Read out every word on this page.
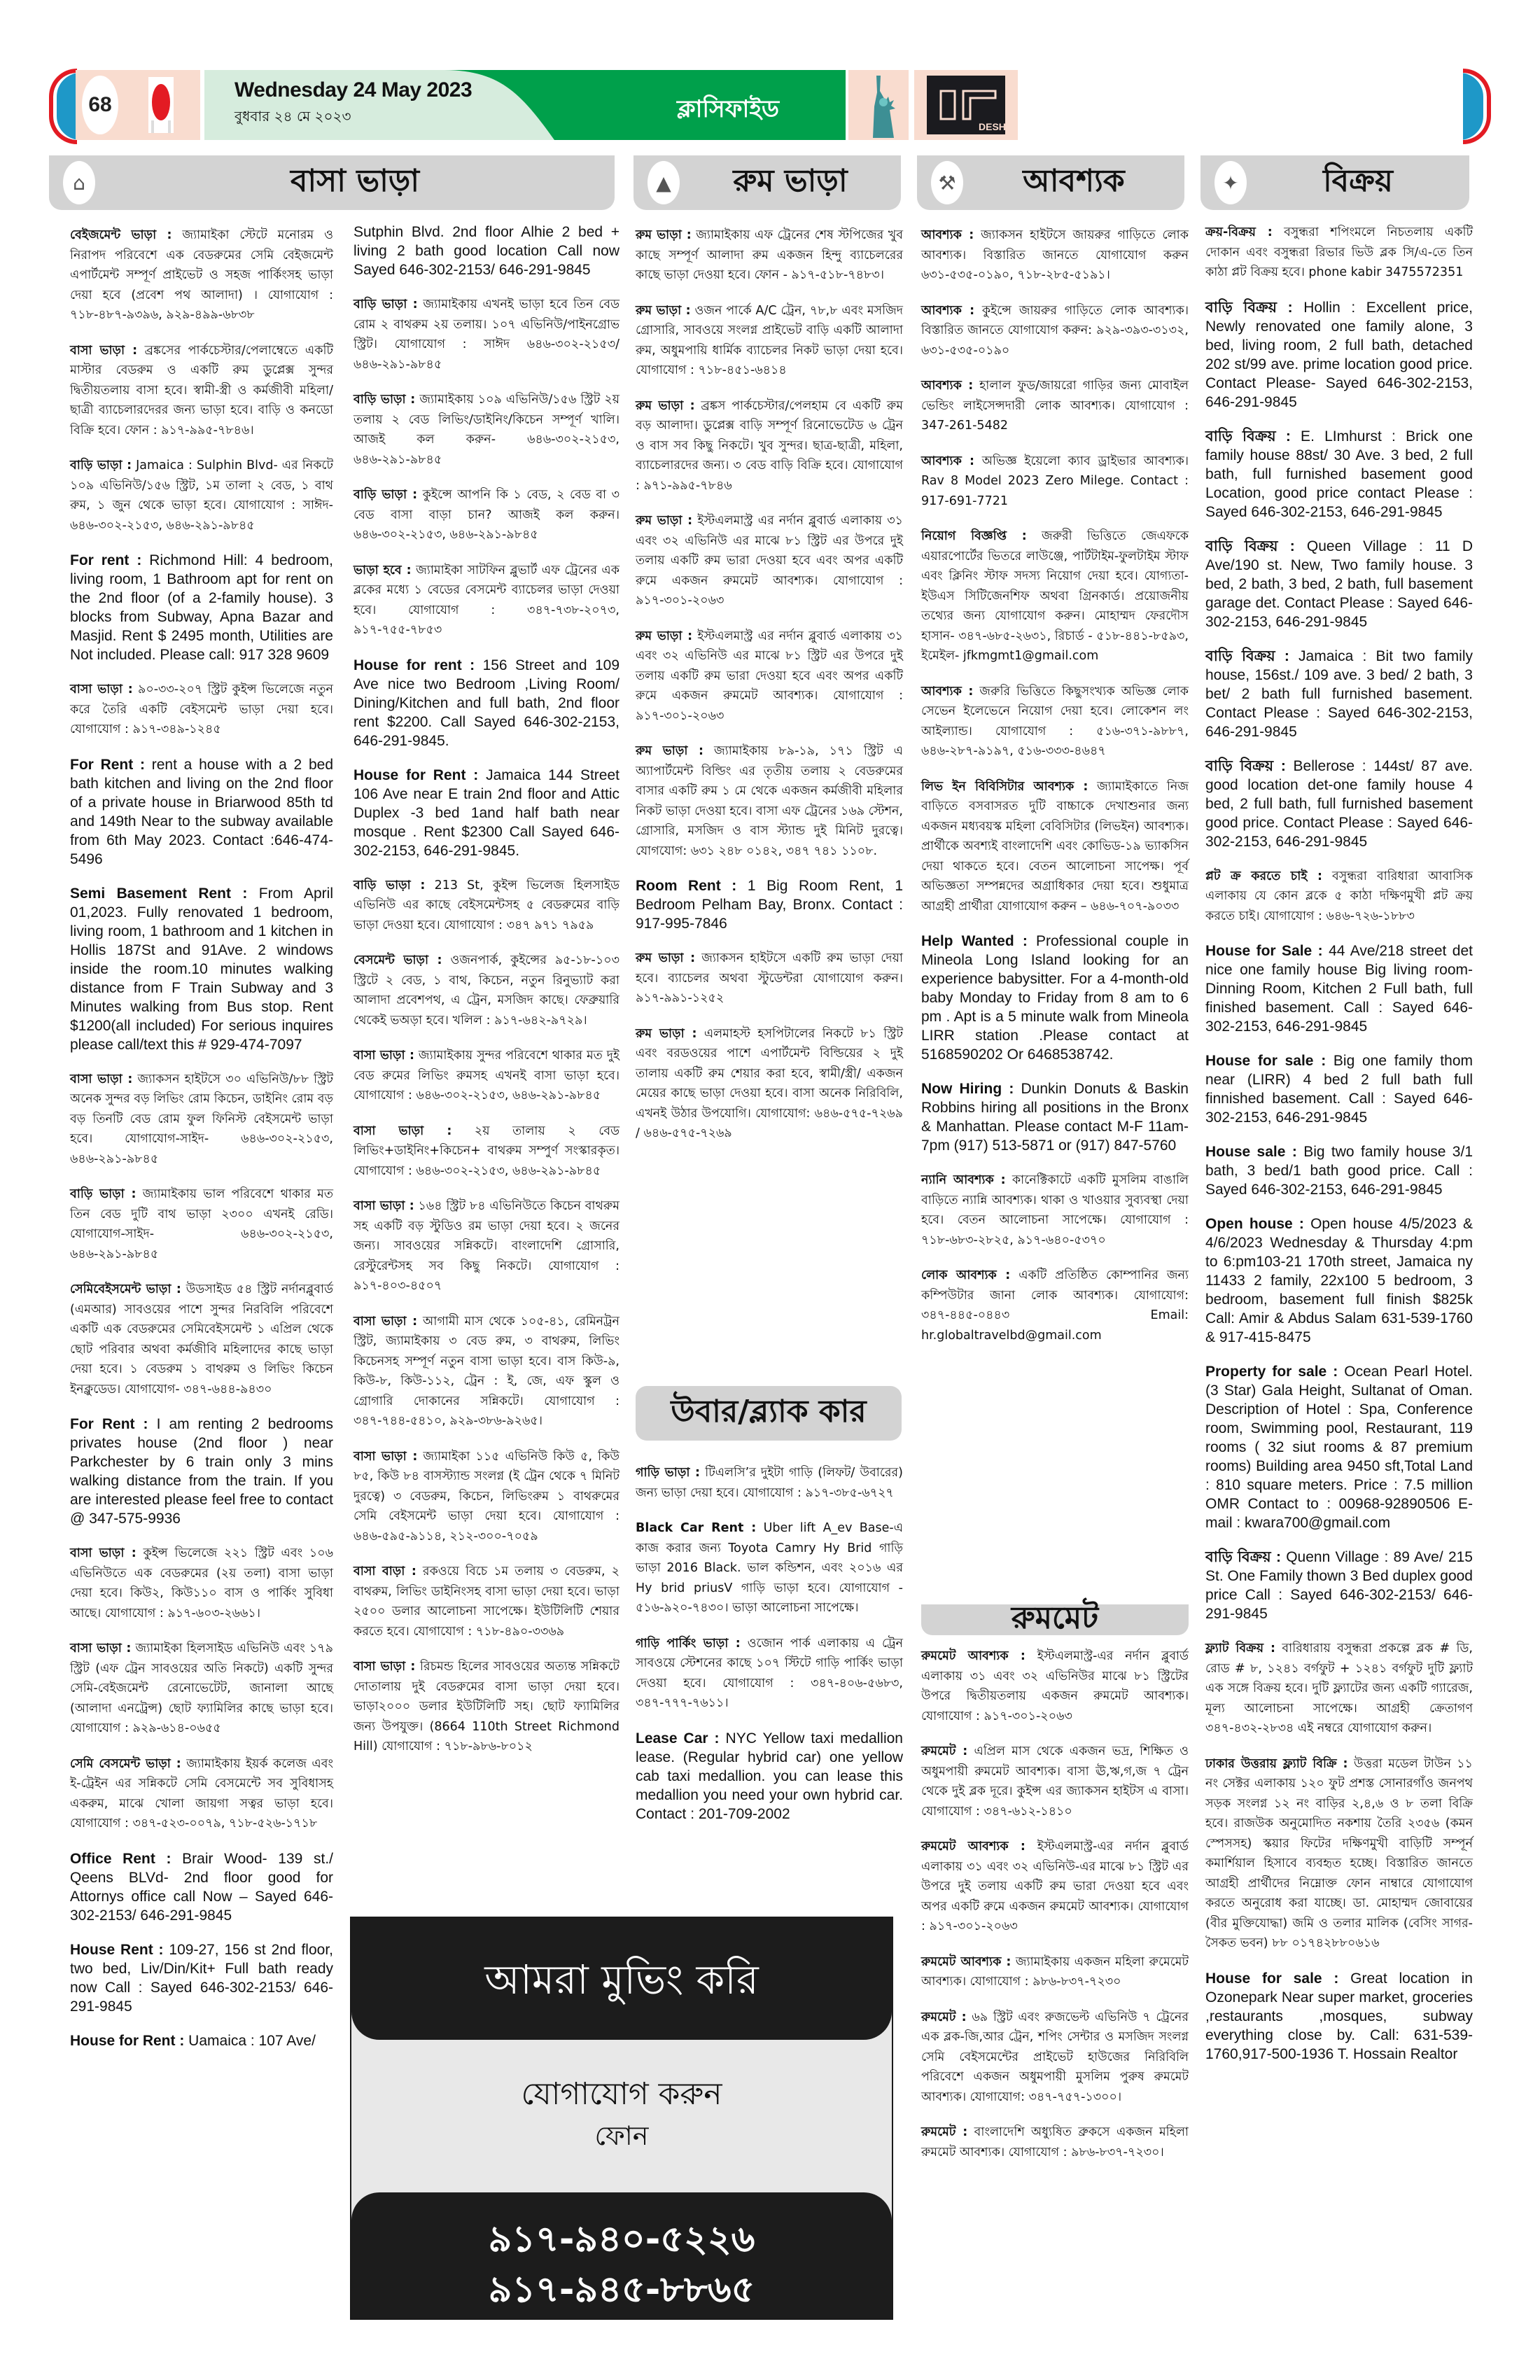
68
Wednesday 24 May 2023
বুধবার ২৪ মে ২০২৩	ক্লাসিফাইড
DESH
⌂	বাসা ভাড়া	▲	রুম ভাড়া	⚒	আবশ্যক	✦	বিক্রয়

বেইজমেন্ট ভাড়া : জ্যামাইকা স্টেটে মনোরম ও নিরাপদ পরিবেশে এক বেডরুমের সেমি বেইজমেন্ট এপার্টমেন্ট সম্পূর্ণ প্রাইভেট ও সহজ পার্কিংসহ ভাড়া দেয়া হবে (প্রবেশ পথ আলাদা) । যোগাযোগ : ৭১৮-৪৮৭-৯৩৯৬, ৯২৯-৪৯৯-৬৮৩৮

বাসা ভাড়া : ব্রঙ্কসের পার্কচেস্টার/পেলাম্বেতে একটি মাস্টার বেডরুম ও একটি রুম ডুপ্লেক্স সুন্দর দ্বিতীয়তলায় বাসা হবে। স্বামী-স্ত্রী ও কর্মজীবী মহিলা/ছাত্রী ব্যাচেলারদেরর জন্য ভাড়া হবে। বাড়ি ও কনডো বিক্রি হবে। ফোন : ৯১৭-৯৯৫-৭৮৪৬।

বাড়ি ভাড়া : Jamaica : Sulphin Blvd- এর নিকটে ১০৯ এভিনিউ/১৫৬ স্ট্রিট, ১ম তালা ২ বেড, ১ বাথ রুম, ১ জুন থেকে ভাড়া হবে। যোগাযোগ : সাঈদ- ৬৪৬-৩০২-২১৫৩, ৬৪৬-২৯১-৯৮৪৫

For rent : Richmond Hill: 4 bedroom, living room, 1 Bathroom apt for rent on the 2nd floor (of a 2-family house). 3 blocks from Subway, Apna Bazar and Masjid. Rent $ 2495 month, Utilities are Not included. Please call: 917 328 9609

বাসা ভাড়া : ৯০-৩৩-২০৭ স্ট্রিট কুইন্স ভিলেজে নতুন করে তৈরি একটি বেইসমেন্ট ভাড়া দেয়া হবে। যোগাযোগ : ৯১৭-৩৪৯-১২৪৫

For Rent : rent a house with a 2 bed bath kitchen and living on the 2nd floor of a private house in Briarwood 85th td and 149th Near to the subway available from 6th May 2023. Contact :646-474-5496

Semi Basement Rent : From April 01,2023. Fully renovated 1 bedroom, living room, 1 bathroom and 1 kitchen in Hollis 187St and 91Ave. 2 windows inside the room.10 minutes walking distance from F Train Subway and 3 Minutes walking from Bus stop. Rent $1200(all included) For serious inquires please call/text this # 929-474-7097

বাসা ভাড়া : জ্যাকসন হাইটসে ৩০ এভিনিউ/৮৮ স্ট্রিট অনেক সুন্দর বড় লিভিং রোম কিচেন, ডাইনিং রোম বড় বড় তিনটি বেড রোম ফুল ফিনিস্ট বেইসমেন্ট ভাড়া হবে। যোগাযোগ-সাইদ- ৬৪৬-৩০২-২১৫৩, ৬৪৬-২৯১-৯৮৪৫

বাড়ি ভাড়া : জ্যামাইকায় ভাল পরিবেশে থাকার মত তিন বেড দুটি বাথ ভাড়া ২৩০০ এখনই রেডি। যোগাযোগ-সাইদ- ৬৪৬-৩০২-২১৫৩, ৬৪৬-২৯১-৯৮৪৫

সেমিবেইসমেন্ট ভাড়া : উডসাইড ৫৪ স্ট্রিট নর্দানব্লুবার্ড (এমআর) সাবওয়ের পাশে সুন্দর নিরবিলি পরিবেশে একটি এক বেডরুমের সেমিবেইসমেন্ট ১ এপ্রিল থেকে ছোট পরিবার অথবা কর্মজীবি মহিলাদের কাছে ভাড়া দেয়া হবে। ১ বেডরুম ১ বাথরুম ও লিভিং কিচেন ইনক্লুডেড। যোগাযোগ- ৩৪৭-৬৪৪-৯৪৩০

For Rent : I am renting 2 bedrooms privates house (2nd floor ) near Parkchester by 6 train only 3 mins walking distance from the train. If you are interested please feel free to contact @ 347-575-9936

বাসা ভাড়া : কুইন্স ভিলেজে ২২১ স্ট্রিট এবং ১০৬ এভিনিউতে এক বেডরুমের (২য় তলা) বাসা ভাড়া দেয়া হবে। কিউ২, কিউ১১০ বাস ও পার্কিং সুবিধা আছে। যোগাযোগ : ৯১৭-৬০৩-২৬৬১।

বাসা ভাড়া : জ্যামাইকা হিলসাইড এভিনিউ এবং ১৭৯ স্ট্রিট (এফ ট্রেন সাবওয়ের অতি নিকটে) একটি সুন্দর সেমি-বেইজমেন্ট রেনোভেটেট, জানালা আছে (আলাদা এনট্রেন্স) ছোট ফ্যামিলির কাছে ভাড়া হবে। যোগাযোগ : ৯২৯-৬১৪-০৬৫৫

সেমি বেসমেন্ট ভাড়া : জ্যামাইকায় ইয়র্ক কলেজ এবং ই-ট্রেইন এর সন্নিকটে সেমি বেসমেন্টে সব সুবিধাসহ একরুম, মাঝে খোলা জায়গা সত্বর ভাড়া হবে। যোগাযোগ : ৩৪৭-৫২৩-০০৭৯, ৭১৮-৫২৬-১৭১৮

Office Rent : Brair Wood- 139 st./ Qeens BLVd- 2nd floor good for Attornys office call Now – Sayed 646-302-2153/ 646-291-9845

House Rent : 109-27, 156 st 2nd floor, two bed, Liv/Din/Kit+ Full bath ready now Call : Sayed 646-302-2153/ 646-291-9845

House for Rent : Uamaica : 107 Ave/

Sutphin Blvd. 2nd floor Alhie 2 bed + living 2 bath good location Call now Sayed 646-302-2153/ 646-291-9845

বাড়ি ভাড়া : জ্যামাইকায় এখনই ভাড়া হবে তিন বেড রোম ২ বাথরুম ২য় তলায়। ১০৭ এভিনিউ/পাইনগ্রোভ স্ট্রিট। যোগাযোগ : সাঈদ ৬৪৬-৩০২-২১৫৩/ ৬৪৬-২৯১-৯৮৪৫

বাড়ি ভাড়া : জ্যামাইকায় ১০৯ এভিনিউ/১৫৬ স্ট্রিট ২য় তলায় ২ বেড লিভিং/ডাইনিং/কিচেন সম্পূর্ণ খালি। আজই কল করুন- ৬৪৬-৩০২-২১৫৩, ৬৪৬-২৯১-৯৮৪৫

বাড়ি ভাড়া : কুইন্সে আপনি কি ১ বেড, ২ বেড বা ৩ বেড বাসা বাড়া চান? আজই কল করুন। ৬৪৬-৩০২-২১৫৩, ৬৪৬-২৯১-৯৮৪৫

ভাড়া হবে : জ্যামাইকা সাটফিন ব্লুভার্ট এফ ট্রেনের এক ব্লকের মধ্যে ১ বেডের বেসমেন্ট ব্যাচেলর ভাড়া দেওয়া হবে। যোগাযোগ : ৩৪৭-৭৩৮-২০৭৩, ৯১৭-৭৫৫-৭৮৫৩

House for rent : 156 Street and 109 Ave nice two Bedroom ,Living Room/ Dining/Kitchen and full bath, 2nd floor rent $2200. Call Sayed 646-302-2153, 646-291-9845.

House for Rent : Jamaica 144 Street 106 Ave near E train 2nd floor and Attic Duplex -3 bed 1and half bath near mosque . Rent $2300 Call Sayed 646-302-2153, 646-291-9845.

বাড়ি ভাড়া : 213 St, কুইন্স ভিলেজ হিলসাইড এভিনিউ এর কাছে বেইসমেন্টসহ ৫ বেডরুমের বাড়ি ভাড়া দেওয়া হবে। যোগাযোগ : ৩৪৭ ৯৭১ ৭৯৫৯

বেসমেন্ট ভাড়া : ওজনপার্ক, কুইন্সের ৯৫-১৮-১০৩ স্ট্রিটে ২ বেড, ১ বাথ, কিচেন, নতুন রিনুভ্যাট করা আলাদা প্রবেশপথ, এ ট্রেন, মসজিদ কাছে। ফেব্রুয়ারি থেকেই ভঅড়া হবে। খলিল : ৯১৭-৬৪২-৯৭২৯।

বাসা ভাড়া : জ্যামাইকায় সুন্দর পরিবেশে থাকার মত দুই বেড রুমের লিভিং রুমসহ এখনই বাসা ভাড়া হবে। যোগাযোগ : ৬৪৬-৩০২-২১৫৩, ৬৪৬-২৯১-৯৮৪৫

বাসা ভাড়া : ২য় তালায় ২ বেড লিভিং+ডাইনিং+কিচেন+ বাথরুম সম্পুর্ণ সংস্কারকৃত। যোগাযোগ : ৬৪৬-৩০২-২১৫৩, ৬৪৬-২৯১-৯৮৪৫

বাসা ভাড়া : ১৬৪ স্ট্রিট ৮৪ এভিনিউতে কিচেন বাথরুম সহ একটি বড় স্টুডিও রম ভাড়া দেয়া হবে। ২ জনের জন্য। সাবওয়ের সন্নিকটে। বাংলাদেশি গ্রোসারি, রেস্টুরেন্টসহ সব কিছু নিকটে। যোগাযোগ : ৯১৭-৪০৩-৪৫০৭

বাসা ভাড়া : আগামী মাস থেকে ১০৫-৪১, রেমিনট্রন স্ট্রিট, জ্যামাইকায় ৩ বেড রুম, ৩ বাথরুম, লিভিং কিচেনসহ সম্পূর্ণ নতুন বাসা ভাড়া হবে। বাস কিউ-৯, কিউ-৮, কিউ-১১২, ট্রেন : ই, জে, এফ স্কুল ও গ্রোগারি দোকানের সন্নিকটে। যোগাযোগ : ৩৪৭-৭৪৪-৫৪১০, ৯২৯-৩৮৬-৯২৬৫।

বাসা ভাড়া : জ্যামাইকা ১১৫ এভিনিউ কিউ ৫, কিউ ৮৫, কিউ ৮৪ বাসস্ট্যান্ড সংলগ্ন (ই ট্রেন থেকে ৭ মিনিট দুরত্বে) ৩ বেডরুম, কিচেন, লিভিংরুম ১ বাথরুমের সেমি বেইসমেন্ট ভাড়া দেয়া হবে। যোগাযোগ : ৬৪৬-৫৯৫-৯১১৪, ২১২-৩০০-৭০৫৯

বাসা বাড়া : রকওয়ে বিচে ১ম তলায় ৩ বেডরুম, ২ বাথরুম, লিভিং ডাইনিংসহ বাসা ভাড়া দেয়া হবে। ভাড়া ২৫০০ ডলার আলোচনা সাপেক্ষে। ইউটিলিটি শেয়ার করতে হবে। যোগাযোগ : ৭১৮-৪৯০-৩৩৬৯

বাসা ভাড়া : রিচমন্ড হিলের সাবওয়ের অত্যন্ত সন্নিকটে দোতালায় দুই বেডরুমের বাসা ভাড়া দেয়া হবে। ভাড়া২০০০ ডলার ইউটিলিটি সহ। ছোট ফ্যামিলির জন্য উপযুক্ত। (8664 110th Street Richmond Hill) যোগাযোগ : ৭১৮-৯৮৬-৮০১২

রুম ভাড়া : জ্যামাইকায় এফ ট্রেনের শেষ স্টপিজের খুব কাছে সম্পূর্ণ আলাদা রুম একজন হিন্দু ব্যাচেলরের কাছে ভাড়া দেওয়া হবে। ফোন - ৯১৭-৫১৮-৭৪৮৩।

রুম ভাড়া : ওজন পার্কে A/C ট্রেন, ৭৮,৮ এবং মসজিদ গ্রোসারি, সাবওয়ে সংলগ্ন প্রাইভেট বাড়ি একটি আলাদা রুম, অধুমপায়ি ধার্মিক ব্যাচেলর নিকট ভাড়া দেয়া হবে। যোগাযোগ : ৭১৮-৪৫১-৬৪১৪

রুম ভাড়া : ব্রঙ্কস পার্কচেস্টার/পেলহাম বে একটি রুম বড় আলাদা। ডুপ্লেক্স বাড়ি সম্পূর্ণ রিনোভেটেড ৬ ট্রেন ও বাস সব কিছু নিকটে। খুব সুন্দর। ছাত্র-ছাত্রী, মহিলা, ব্যাচেলারদের জন্য। ৩ বেড বাড়ি বিক্রি হবে। যোগাযোগ : ৯৭১-৯৯৫-৭৮৪৬

রুম ভাড়া : ইস্টএলমাস্ট্র এর নর্দান ব্লুবার্ড এলাকায় ৩১ এবং ৩২ এভিনিউ এর মাঝে ৮১ স্ট্রিট এর উপরে দুই তলায় একটি রুম ভারা দেওয়া হবে এবং অপর একটি রুমে একজন রুমমেট আবশ্যক। যোগাযোগ : ৯১৭-৩০১-২০৬৩

রুম ভাড়া : ইস্টএলমাস্ট্র এর নর্দান ব্লুবার্ড এলাকায় ৩১ এবং ৩২ এভিনিউ এর মাঝে ৮১ স্ট্রিট এর উপরে দুই তলায় একটি রুম ভারা দেওয়া হবে এবং অপর একটি রুমে একজন রুমমেট আবশ্যক। যোগাযোগ : ৯১৭-৩০১-২০৬৩

রুম ভাড়া : জ্যামাইকায় ৮৯-১৯, ১৭১ স্ট্রিট এ অ্যাপার্টমেন্ট বিল্ডিং এর তৃতীয় তলায় ২ বেডরুমের বাসার একটি রুম ১ মে থেকে একজন কর্মজীবী মহিলার নিকট ভাড়া দেওয়া হবে। বাসা এফ ট্রেনের ১৬৯ স্টেশন, গ্রোসারি, মসজিদ ও বাস স্ট্যান্ড দুই মিনিট দুরত্বে। যোগযোগ: ৬৩১ ২৪৮ ০১৪২, ৩৪৭ ৭৪১ ১১০৮.

Room Rent : 1 Big Room Rent, 1 Bedroom Pelham Bay, Bronx. Contact : 917-995-7846

রুম ভাড়া : জ্যাকসন হাইটসে একটি রুম ভাড়া দেয়া হবে। ব্যাচেলর অথবা স্টুডেন্টরা যোগাযোগ করুন। ৯১৭-৯৯১-১২৫২

রুম ভাড়া : এলমাহস্ট হসপিটালের নিকটে ৮১ স্ট্রিট এবং বরডওয়ের পাশে এপার্টমেন্ট বিল্ডিয়ের ২ দুই তালায় একটি রুম শেয়ার করা হবে, স্বামী/স্ত্রী/ একজন মেয়ের কাছে ভাড়া দেওয়া হবে। বাসা অনেক নিরিবিলি, এখনই উঠার উপযোগি। যোগাযোগ: ৬৪৬-৫৭৫-৭২৬৯ / ৬৪৬-৫৭৫-৭২৬৯

উবার/ব্ল্যাক কার

গাড়ি ভাড়া : টিএলসি’র দুইটা গাড়ি (লিফট/ উবারের) জন্য ভাড়া দেয়া হবে। যোগাযোগ : ৯১৭-৩৮৫-৬৭২৭

Black Car Rent : Uber lift A_ev Base-এ কাজ করার জন্য Toyota Camry Hy Brid গাড়ি ভাড়া 2016 Black. ভাল কন্ডিশন, এবং ২০১৬ এর Hy brid priusV গাড়ি ভাড়া হবে। যোগাযোগ - ৫১৬-৯২০-৭৪৩০। ভাড়া আলোচনা সাপেক্ষে।

গাড়ি পার্কিং ভাড়া : ওজোন পার্ক এলাকায় এ ট্রেন সাবওয়ে স্টেশনের কাছে ১০৭ স্টিটে গাড়ি পার্কিং ভাড়া দেওয়া হবে। যোগাযোগ : ৩৪৭-৪০৬-৫৬৮৩, ৩৪৭-৭৭৭-৭৬১১।

Lease Car : NYC Yellow taxi medallion lease. (Regular hybrid car) one yellow cab taxi medallion. you can lease this medallion you need your own hybrid car. Contact : 201-709-2002

আবশ্যক : জ্যাকসন হাইটসে জায়রুর গাড়িতে লোক আবশ্যক। বিস্তারিত জানতে যোগাযোগ করুন ৬৩১-৫৩৫-০১৯০, ৭১৮-২৮৫-৫১৯১।

আবশ্যক : কুইন্সে জায়রুর গাড়িতে লোক আবশ্যক। বিস্তারিত জানতে যোগাযোগ করুন: ৯২৯-৩৯৩-৩১৩২, ৬৩১-৫৩৫-০১৯০

আবশ্যক : হালাল ফুড/জায়রো গাড়ির জন্য মোবাইল ভেন্ডিং লাইসেন্সদারী লোক আবশ্যক। যোগাযোগ : 347-261-5482

আবশ্যক : অভিজ্ঞ ইয়েলো ক্যাব ড্রাইভার আবশ্যক। Rav 8 Model 2023 Zero Milege. Contact : 917-691-7721

নিয়োগ বিজ্ঞপ্তি : জরুরী ভিত্তিতে জেএফকে এয়ারপোর্টের ভিতরে লাউঞ্জে, পার্টটাইম-ফুলটাইম স্টাফ এবং ক্লিনিং স্টাফ সদস্য নিয়োগ দেয়া হবে। যোগ্যতা- ইউএস সিটিজেনশিফ অথবা গ্রিনকার্ড। প্রয়োজনীয় তথ্যের জন্য যোগাযোগ করুন। মোহাম্মদ ফেরদৌস হাসান- ৩৪৭-৬৮৫-২৬৩১, রিচার্ড - ৫১৮-৪৪১-৮৫৯৩, ইমেইল- jfkmgmt1@gmail.com

আবশ্যক : জরুরি ভিত্তিতে কিছুসংখ্যক অভিজ্ঞ লোক সেভেন ইলেভেনে নিয়োগ দেয়া হবে। লোকেশন লং আইল্যান্ড। যোগাযোগ : ৫১৬-৩৭১-৯৮৮৭, ৬৪৬-২৮৭-৯১৯৭, ৫১৬-৩৩৩-৪৬৪৭

লিভ ইন বিবিসিটার আবশ্যক : জ্যামাইকাতে নিজ বাড়িতে বসবাসরত দুটি বাচ্চাকে দেখাশুনার জন্য একজন মধ্যবয়স্ক মহিলা বেবিসিটার (লিভইন) আবশ্যক। প্রার্থীকে অবশ্যই বাংলাদেশি এবং কোভিড-১৯ ভ্যাকসিন দেয়া থাকতে হবে। বেতন আলোচনা সাপেক্ষ। পূর্ব অভিজ্ঞতা সম্পন্নদের অগ্রাধিকার দেয়া হবে। শুধুমাত্র আগ্রহী প্রার্থীরা যোগাযোগ করুন – ৬৪৬-৭০৭-৯০৩৩

Help Wanted : Professional couple in Mineola Long Island looking for an experience babysitter. For a 4-month-old baby Monday to Friday from 8 am to 6 pm . Apt is a 5 minute walk from Mineola LIRR station .Please contact at 5168590202 Or 6468538742.

Now Hiring : Dunkin Donuts & Baskin Robbins hiring all positions in the Bronx & Manhattan. Please contact M-F 11am-7pm (917) 513-5871 or (917) 847-5760

ন্যানি আবশ্যক : কানেক্টিকাটে একটি মুসলিম বাঙালি বাড়িতে ন্যান্নি আবশ্যক। থাকা ও খাওয়ার সুব্যবস্থা দেয়া হবে। বেতন আলোচনা সাপেক্ষে। যোগাযোগ : ৭১৮-৬৮৩-২৮২৫, ৯১৭-৬৪০-৫৩৭০

লোক আবশ্যক : একটি প্রতিষ্ঠিত কোম্পানির জন্য কম্পিউটার জানা লোক আবশ্যক। যোগাযোগ: ৩৪৭-৪৪৫-০৪৪৩ Email: hr.globaltravelbd@gmail.com

রুমমেট

রুমমেট আবশ্যক : ইস্টএলমাস্ট্র-এর নর্দান ব্লুবার্ড এলাকায় ৩১ এবং ৩২ এভিনিউর মাঝে ৮১ স্ট্রিটের উপরে দ্বিতীয়তলায় একজন রুমমেট আবশ্যক। যোগাযোগ : ৯১৭-৩০১-২০৬৩

রুমমেট : এপ্রিল মাস থেকে একজন ভদ্র, শিক্ষিত ও অধুমপায়ী রুমমেট আবশ্যক। বাসা ঊ,ঋ,গ,জ ৭ ট্রেন থেকে দুই ব্লক দূরে। কুইন্স এর জ্যাকসন হাইটস এ বাসা। যোগাযোগ : ৩৪৭-৬১২-১৪১০

রুমমেট আবশ্যক : ইস্টএলমাস্ট্র-এর নর্দান ব্লুবার্ড এলাকায় ৩১ এবং ৩২ এভিনিউ-এর মাঝে ৮১ স্ট্রিট এর উপরে দুই তলায় একটি রুম ভারা দেওয়া হবে এবং অপর একটি রুমে একজন রুমমেট আবশ্যক। যোগাযোগ : ৯১৭-৩০১-২০৬৩

রুমমেট আবশ্যক : জ্যামাইকায় একজন মহিলা রুমেমেট আবশ্যক। যোগাযোগ : ৯৮৬-৮৩৭-৭২৩০

রুমমেট : ৬৯ স্ট্রিট এবং রুজভেল্ট এভিনিউ ৭ ট্রেনের এক ব্লক-জি,আর ট্রেন, শপিং সেন্টার ও মসজিদ সংলগ্ন সেমি বেইসমেন্টের প্রাইভেট হাউজের নিরিবিলি পরিবেশে একজন অধুমপায়ী মুসলিম পুরুষ রুমমেট আবশ্যক। যোগাযোগ: ৩৪৭-৭৫৭-১৩০০।

রুমমেট : বাংলাদেশি অধ্যুষিত ব্রুকসে একজন মহিলা রুমমেট আবশ্যক। যোগাযোগ : ৯৮৬-৮৩৭-৭২৩০।

ক্রয়-বিক্রয় : বসুন্ধরা শপিংমলে নিচতলায় একটি দোকান এবং বসুন্ধরা রিভার ভিউ ব্লক সি/এ-তে তিন কাঠা প্লট বিক্রয় হবে। phone kabir 3475572351

বাড়ি বিক্রয় : Hollin : Excellent price, Newly renovated one family alone, 3 bed, living room, 2 full bath, detached 202 st/99 ave. prime location good price. Contact Please- Sayed 646-302-2153, 646-291-9845

বাড়ি বিক্রয় : E. LImhurst : Brick one family house 88st/ 30 Ave. 3 bed, 2 full bath, full furnished basement good Location, good price contact Please : Sayed 646-302-2153, 646-291-9845

বাড়ি বিক্রয় : Queen Village : 11 D Ave/190 st. New, Two family house. 3 bed, 2 bath, 3 bed, 2 bath, full basement garage det. Contact Please : Sayed 646-302-2153, 646-291-9845

বাড়ি বিক্রয় : Jamaica : Bit two family house, 156st./ 109 ave. 3 bed/ 2 bath, 3 bet/ 2 bath full furnished basement. Contact Please : Sayed 646-302-2153, 646-291-9845

বাড়ি বিক্রয় : Bellerose : 144st/ 87 ave. good location det-one family house 4 bed, 2 full bath, full furnished basement good price. Contact Please : Sayed 646-302-2153, 646-291-9845

প্লট ক্র করতে চাই : বসুন্ধরা বারিধারা আবাসিক এলাকায় যে কোন ব্লকে ৫ কাঠা দক্ষিণমুখী প্লট ক্রয় করতে চাই। যোগাযোগ : ৬৪৬-৭২৬-১৮৮৩

House for Sale : 44 Ave/218 street det nice one family house Big living room- Dinning Room, Kitchen 2 Full bath, full finished basement. Call : Sayed 646-302-2153, 646-291-9845

House for sale : Big one family thom near (LIRR) 4 bed 2 full bath full finnished basement. Call : Sayed 646-302-2153, 646-291-9845

House sale : Big two family house 3/1 bath, 3 bed/1 bath good price. Call : Sayed 646-302-2153, 646-291-9845

Open house : Open house 4/5/2023 & 4/6/2023 Wednesday & Thursday 4:pm to 6:pm103-21 170th street, Jamaica ny 11433 2 family, 22x100 5 bedroom, 3 bedroom, basement full finish $825k Call: Amir & Abdus Salam 631-539-1760 & 917-415-8475

Property for sale : Ocean Pearl Hotel. (3 Star) Gala Height, Sultanat of Oman. Description of Hotel : Spa, Conference room, Swimming pool, Restaurant, 119 rooms ( 32 siut rooms & 87 premium rooms) Building area 9450 sft,Total Land : 810 square meters. Price : 7.5 million OMR Contact to : 00968-92890506 E-mail : kwara700@gmail.com

বাড়ি বিক্রয় : Quenn Village : 89 Ave/ 215 St. One Family thown 3 Bed duplex good price Call : Sayed 646-302-2153/ 646-291-9845

ফ্ল্যাট বিক্রয় : বারিধারায় বসুন্ধরা প্রকল্পে ব্লক # ডি, রোড # ৮, ১২৪১ বর্গফুট + ১২৪১ বর্গফুট দুটি ফ্ল্যাট এক সঙ্গে বিক্রয় হবে। দুটি ফ্ল্যাটের জন্য একটি গ্যারেজ, মূল্য আলোচনা সাপেক্ষে। আগ্রহী ক্রেতাগণ ৩৪৭-৪৩২-২৮৩৪ এই নম্বরে যোগাযোগ করুন।

ঢাকার উত্তরায় ফ্ল্যাট বিক্রি : উত্তরা মডেল টাউন ১১ নং সেক্টর এলাকায় ১২০ ফুট প্রশস্ত সোনারগাঁও জনপথ সড়ক সংলগ্ন ১২ নং বাড়ির ২,৪,৬ ও ৮ তলা বিক্রি হবে। রাজউক অনুমোদিত নকশায় তৈরি ২৩৫৬ (কমন স্পেসসহ) স্কয়ার ফিটের দক্ষিণমুখী বাড়িটি সম্পূর্ন কমার্শিয়াল হিসাবে ব্যবহৃত হচ্ছে। বিস্তারিত জানতে আগ্রহী প্রার্থীদের নিম্নোক্ত ফোন নাম্বারে যোগাযোগ করতে অনুরোধ করা যাচ্ছে। ডা. মোহাম্মদ জোবায়ের (বীর মুক্তিযোদ্ধা) জমি ও তলার মালিক (বেসিং সাগর-সৈকত ভবন) ৮৮ ০১৭৪২৮৮০৬১৬

House for sale : Great location in Ozonepark Near super market, groceries ,restaurants ,mosques, subway everything close by. Call: 631-539-1760,917-500-1936 T. Hossain Realtor

আমরা মুভিং করি
যোগাযোগ করুন
ফোন
৯১৭-৯৪০-৫২২৬
৯১৭-৯৪৫-৮৮৬৫
